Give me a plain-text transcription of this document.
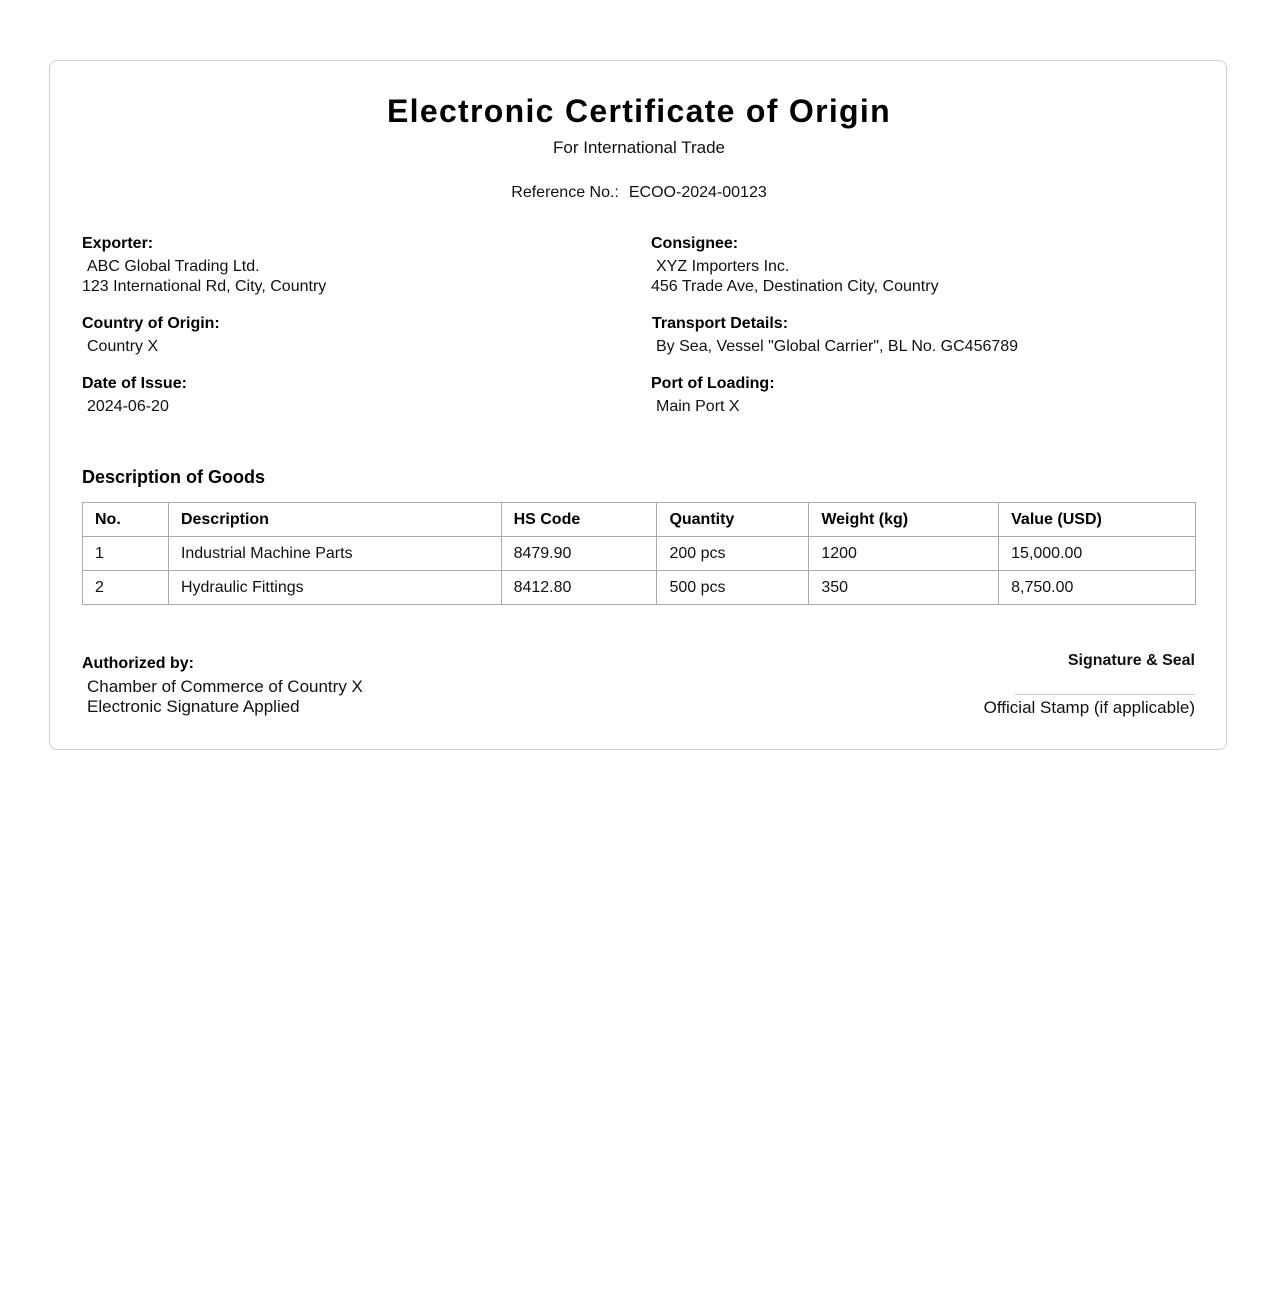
Electronic Certificate of Origin
For International Trade
Reference No.: ECOO-2024-00123
Exporter:
ABC Global Trading Ltd.
123 International Rd, City, Country
Consignee:
XYZ Importers Inc.
456 Trade Ave, Destination City, Country
Country of Origin:
Country X
Transport Details:
By Sea, Vessel "Global Carrier", BL No. GC456789
Date of Issue:
2024-06-20
Port of Loading:
Main Port X
Description of Goods
No.	Description	HS Code	Quantity	Weight (kg)	Value (USD)
1	Industrial Machine Parts	8479.90	200 pcs	1200	15,000.00
2	Hydraulic Fittings	8412.80	500 pcs	350	8,750.00
Authorized by:
Chamber of Commerce of Country X
Electronic Signature Applied
Signature & Seal
Official Stamp (if applicable)
